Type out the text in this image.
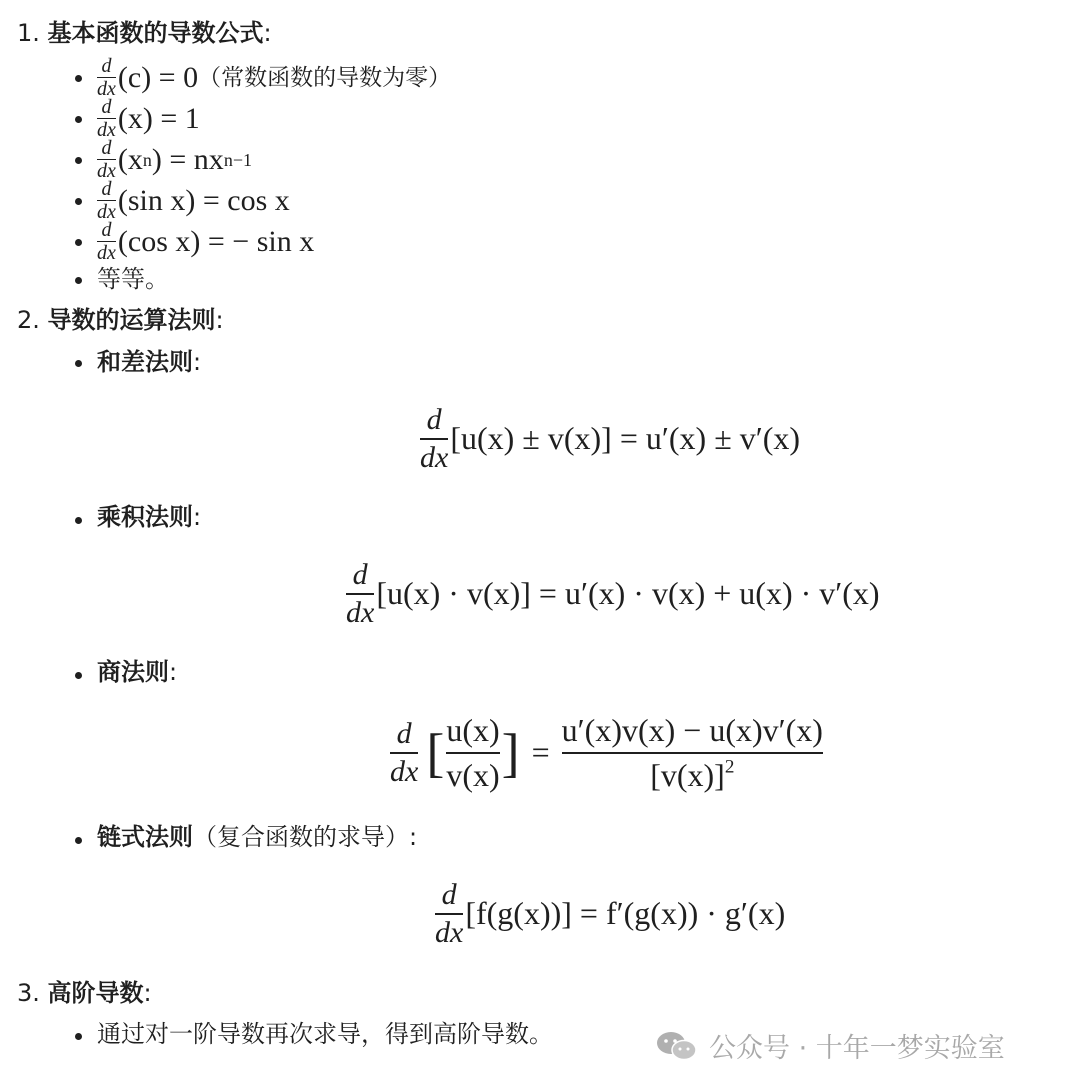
1. 基本函数的导数公式:
$\frac{d}{dx} (c) = 0$ （常数函数的导数为零）
$\frac{d}{dx} (x) = 1$
$\frac{d}{dx} (x$ n ) = nx n−1
$\frac{d}{dx} (\sin$ x) = cos x
$\frac{d}{dx} (\cos$ x) = − sin x
等等。
2. 导数的运算法则:
和差法则:
$\frac{d}{dx} [u(x) \pm v(x)] = u'(x) \pm v'(x)$
乘积法则:
$\frac{d}{dx} [u(x) \cdot v(x)] = u'(x) \cdot v(x) + u(x) \cdot v'(x)$
商法则:
$\frac{d}{dx}$ [ u(x)
v(x) ] =
u′(x)v(x) − u(x)v′(x)
$[v(x)]^2$
链式法则（复合函数的求导）:
$\frac{d}{dx} [f(g(x))] = f'(g(x)) \cdot g'(x)$
3. 高阶导数:
通过对一阶导数再次求导，得到高阶导数。	公众号 · 十年一梦实验室
